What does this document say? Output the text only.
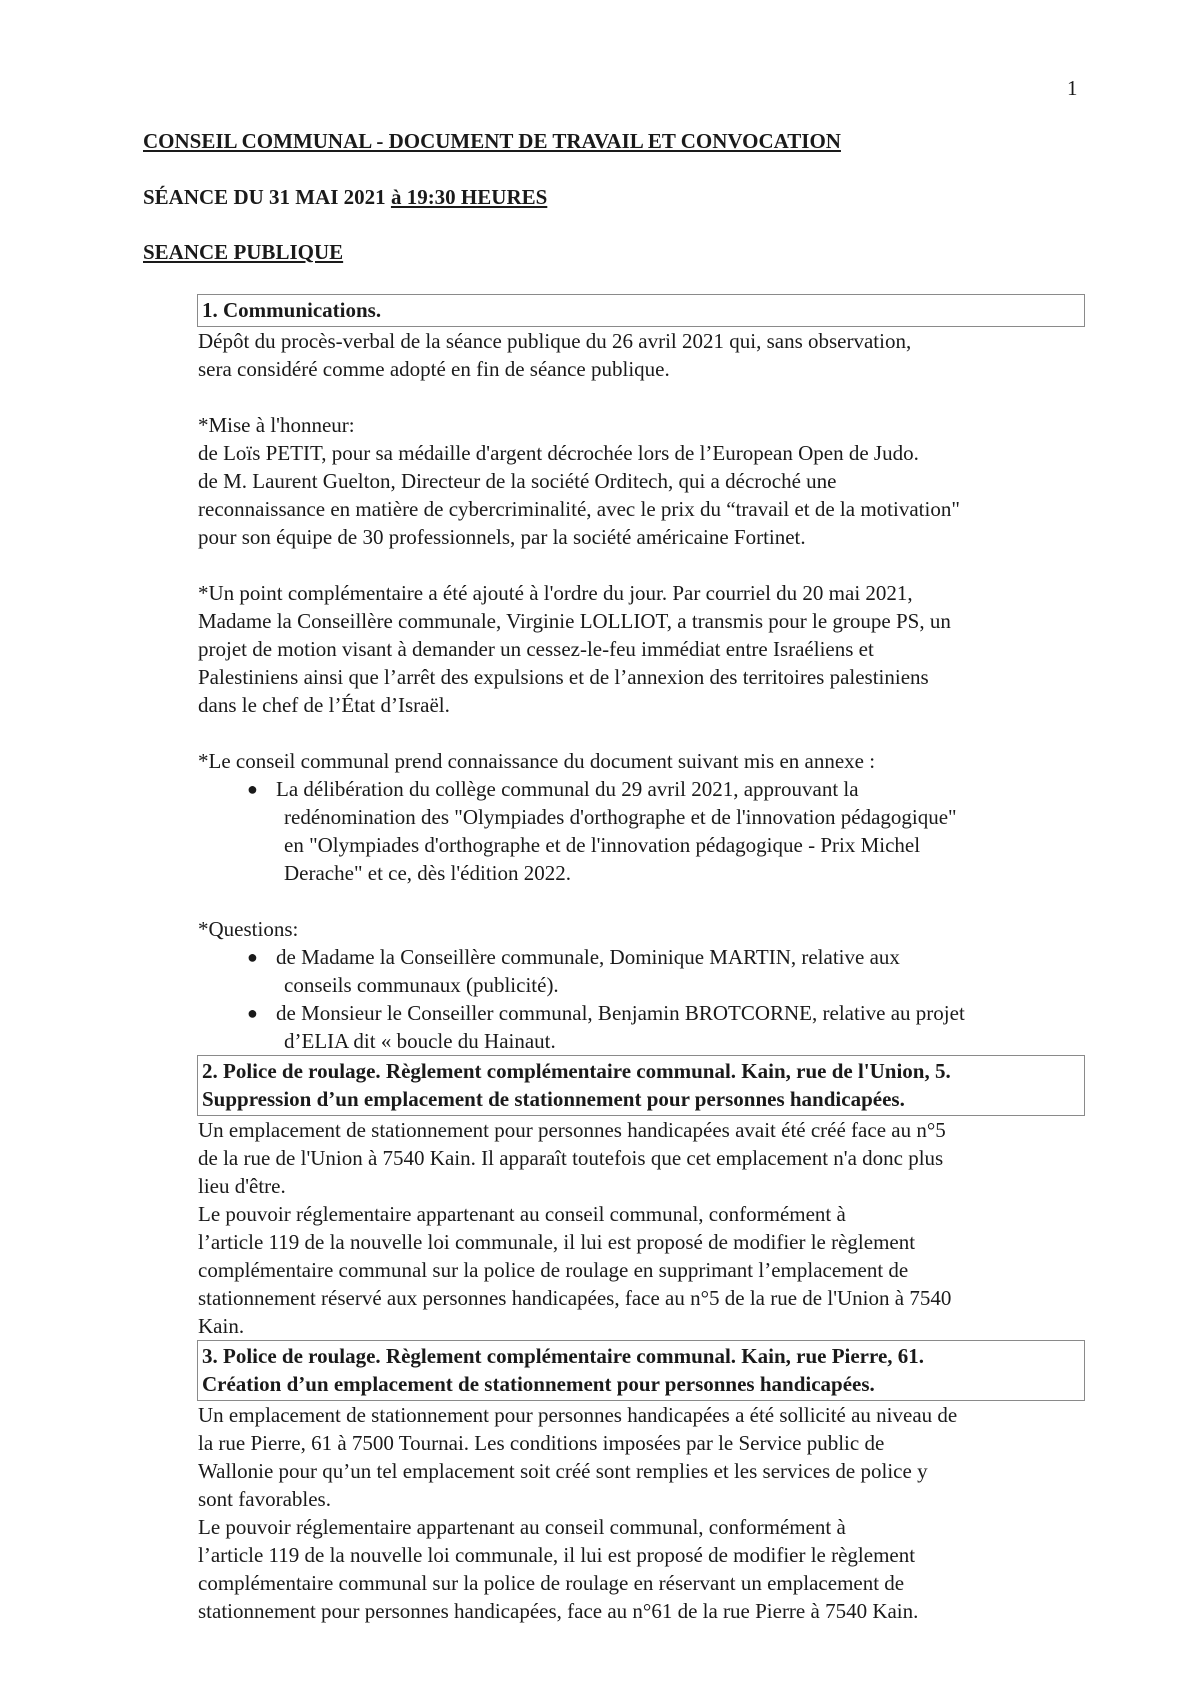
1
CONSEIL COMMUNAL - DOCUMENT DE TRAVAIL ET CONVOCATION
SÉANCE DU 31 MAI 2021 à 19:30 HEURES
SEANCE PUBLIQUE
1. Communications.
Dépôt du procès-verbal de la séance publique du 26 avril 2021 qui, sans observation,
sera considéré comme adopté en fin de séance publique.
*Mise à l'honneur:
de Loïs PETIT, pour sa médaille d'argent décrochée lors de l’European Open de Judo.
de M. Laurent Guelton, Directeur de la société Orditech, qui a décroché une
reconnaissance en matière de cybercriminalité, avec le prix du “travail et de la motivation"
pour son équipe de 30 professionnels, par la société américaine Fortinet.
*Un point complémentaire a été ajouté à l'ordre du jour. Par courriel du 20 mai 2021,
Madame la Conseillère communale, Virginie LOLLIOT, a transmis pour le groupe PS, un
projet de motion visant à demander un cessez-le-feu immédiat entre Israéliens et
Palestiniens ainsi que l’arrêt des expulsions et de l’annexion des territoires palestiniens
dans le chef de l’État d’Israël.
*Le conseil communal prend connaissance du document suivant mis en annexe :
● La délibération du collège communal du 29 avril 2021, approuvant la
redénomination des "Olympiades d'orthographe et de l'innovation pédagogique"
en "Olympiades d'orthographe et de l'innovation pédagogique - Prix Michel
Derache" et ce, dès l'édition 2022.
*Questions:
● de Madame la Conseillère communale, Dominique MARTIN, relative aux
conseils communaux (publicité).
● de Monsieur le Conseiller communal, Benjamin BROTCORNE, relative au projet
d’ELIA dit « boucle du Hainaut.
2. Police de roulage. Règlement complémentaire communal. Kain, rue de l'Union, 5.
Suppression d’un emplacement de stationnement pour personnes handicapées.
Un emplacement de stationnement pour personnes handicapées avait été créé face au n°5
de la rue de l'Union à 7540 Kain. Il apparaît toutefois que cet emplacement n'a donc plus
lieu d'être.
Le pouvoir réglementaire appartenant au conseil communal, conformément à
l’article 119 de la nouvelle loi communale, il lui est proposé de modifier le règlement
complémentaire communal sur la police de roulage en supprimant l’emplacement de
stationnement réservé aux personnes handicapées, face au n°5 de la rue de l'Union à 7540
Kain.
3. Police de roulage. Règlement complémentaire communal. Kain, rue Pierre, 61.
Création d’un emplacement de stationnement pour personnes handicapées.
Un emplacement de stationnement pour personnes handicapées a été sollicité au niveau de
la rue Pierre, 61 à 7500 Tournai. Les conditions imposées par le Service public de
Wallonie pour qu’un tel emplacement soit créé sont remplies et les services de police y
sont favorables.
Le pouvoir réglementaire appartenant au conseil communal, conformément à
l’article 119 de la nouvelle loi communale, il lui est proposé de modifier le règlement
complémentaire communal sur la police de roulage en réservant un emplacement de
stationnement pour personnes handicapées, face au n°61 de la rue Pierre à 7540 Kain.
